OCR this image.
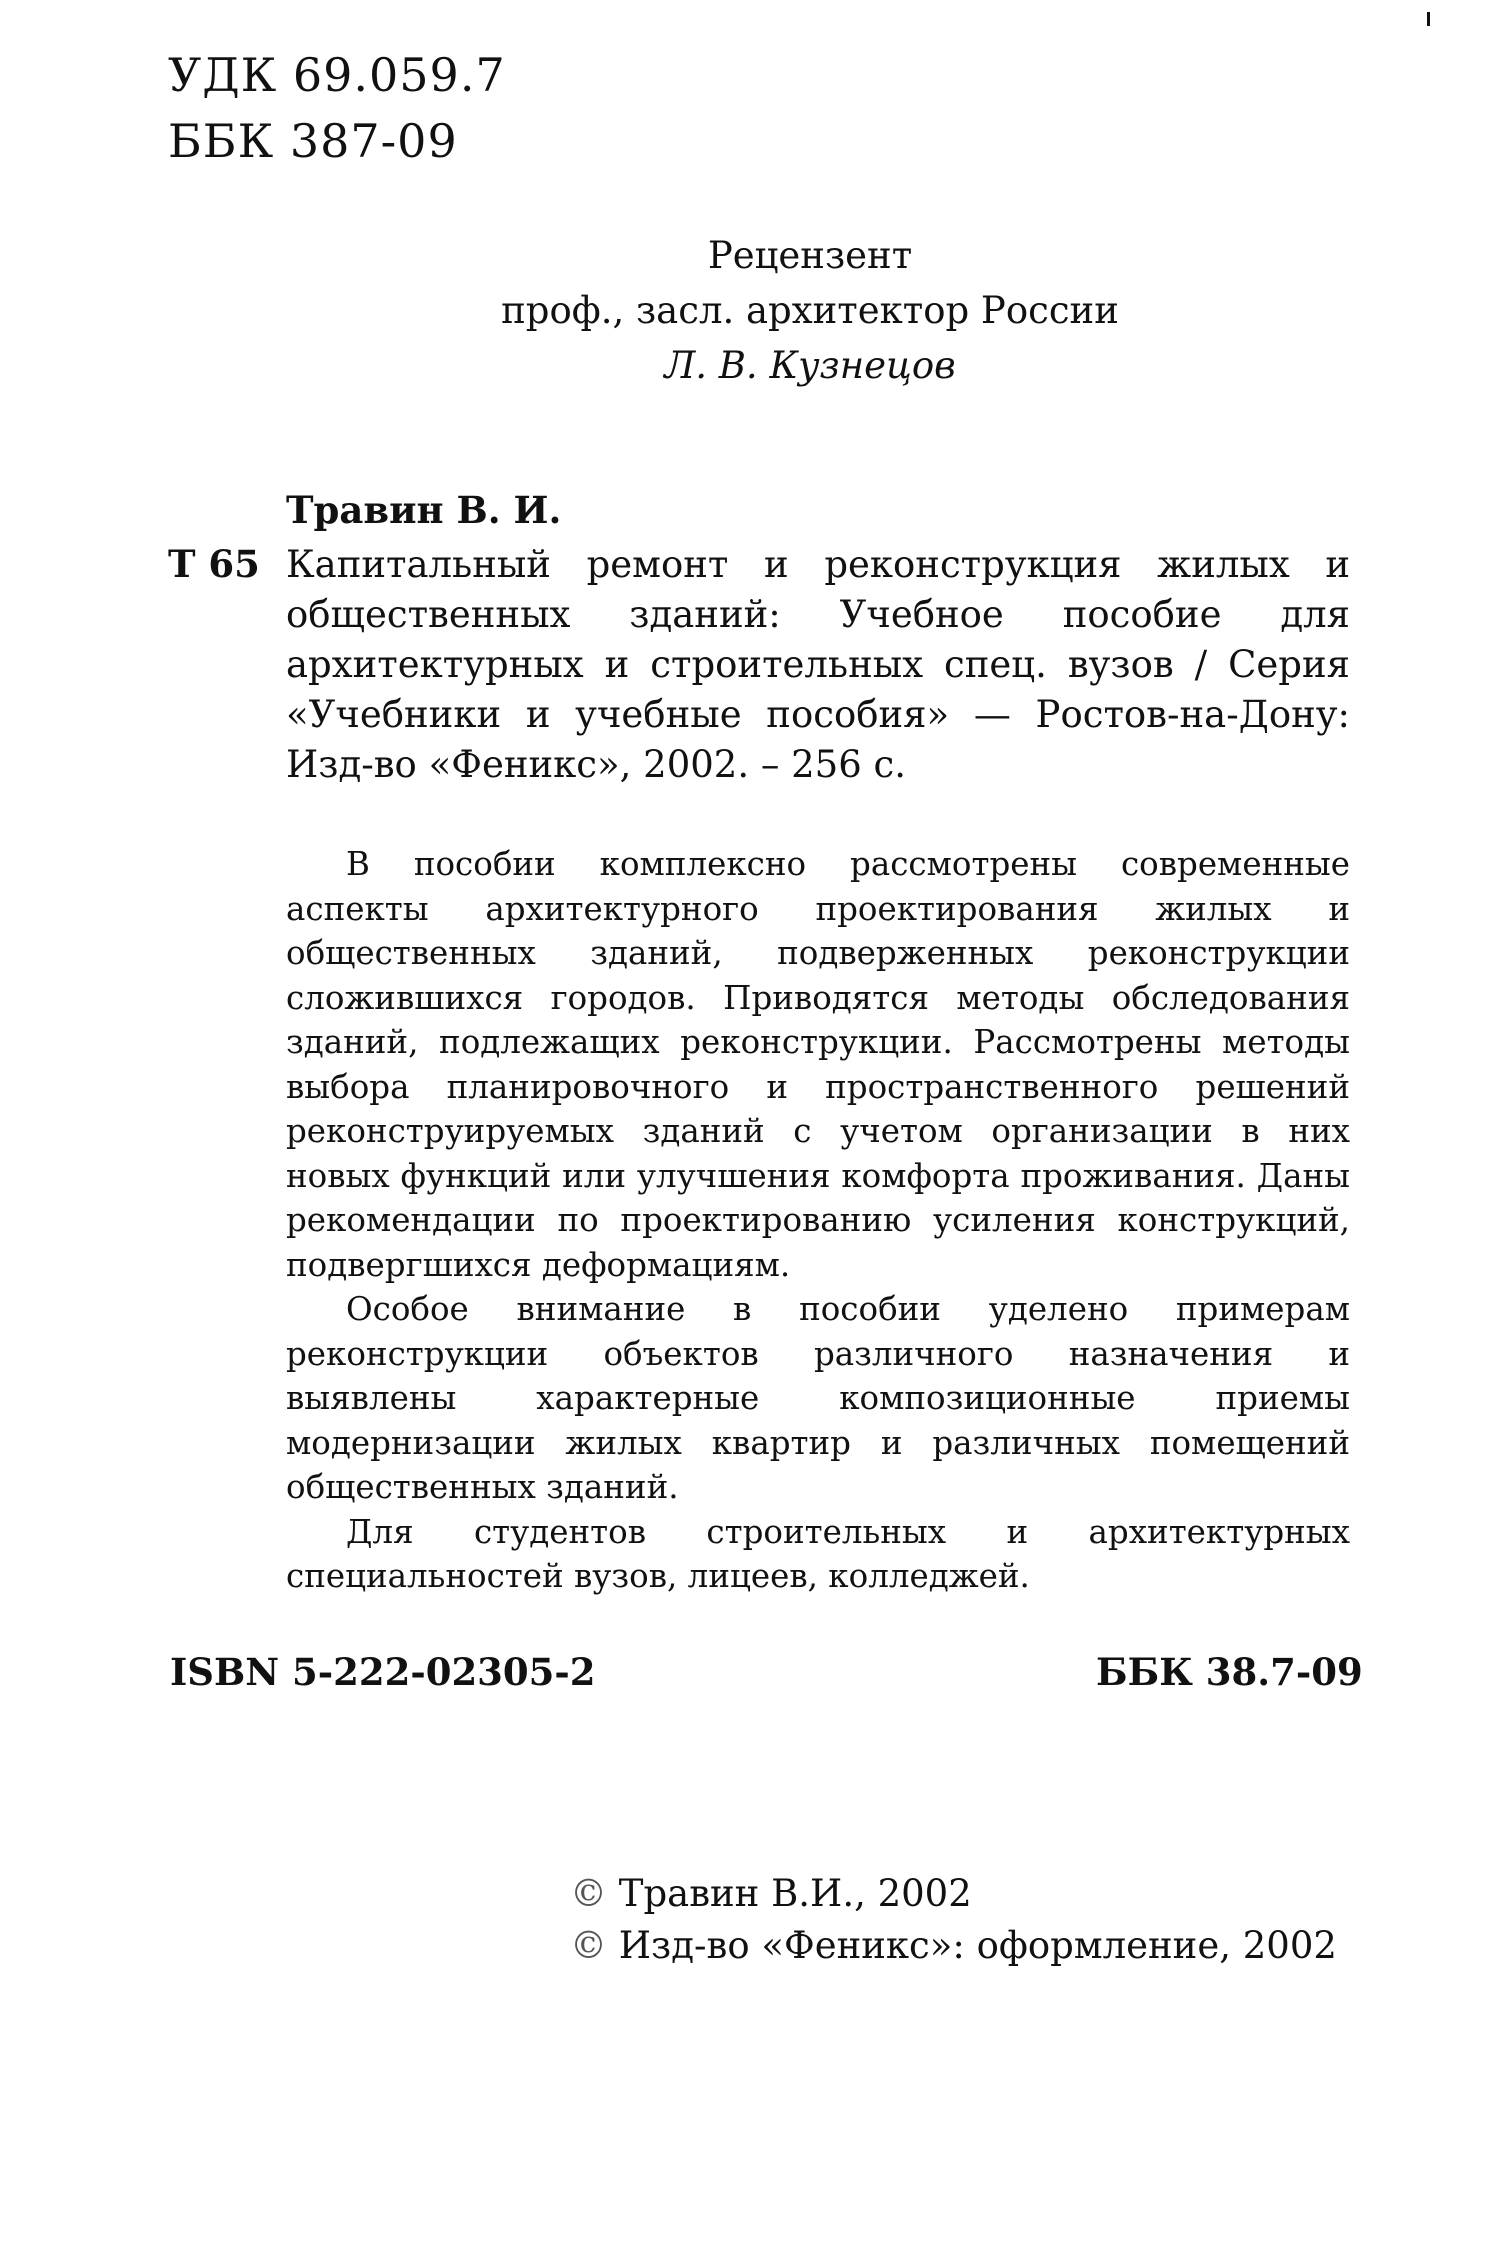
УДК 69.059.7
ББК 387-09
Рецензент
проф., засл. архитектор России
Л. В. Кузнецов
Травин В. И.
Т 65 Капитальный ремонт и реконструкция жилых и общественных зданий: Учебное пособие для архитектурных и строительных спец. вузов / Серия «Учебники и учебные пособия» — Ростов-на-Дону: Изд-во «Феникс», 2002. – 256 с.

В пособии комплексно рассмотрены современные аспекты архитектурного проектирования жилых и общественных зданий, подверженных реконструкции сложившихся городов. Приводятся методы обследования зданий, подлежащих реконструкции. Рассмотрены методы выбора планировочного и пространственного решений реконструируемых зданий с учетом организации в них новых функций или улучшения комфорта проживания. Даны рекомендации по проектированию усиления конструкций, подвергшихся деформациям.

Особое внимание в пособии уделено примерам реконструкции объектов различного назначения и выявлены характерные композиционные приемы модернизации жилых квартир и различных помещений общественных зданий.

Для студентов строительных и архитектурных специальностей вузов, лицеев, колледжей.

ISBN 5-222-02305-2	ББК 38.7-09
© Травин В.И., 2002
© Изд-во «Феникс»: оформление, 2002
